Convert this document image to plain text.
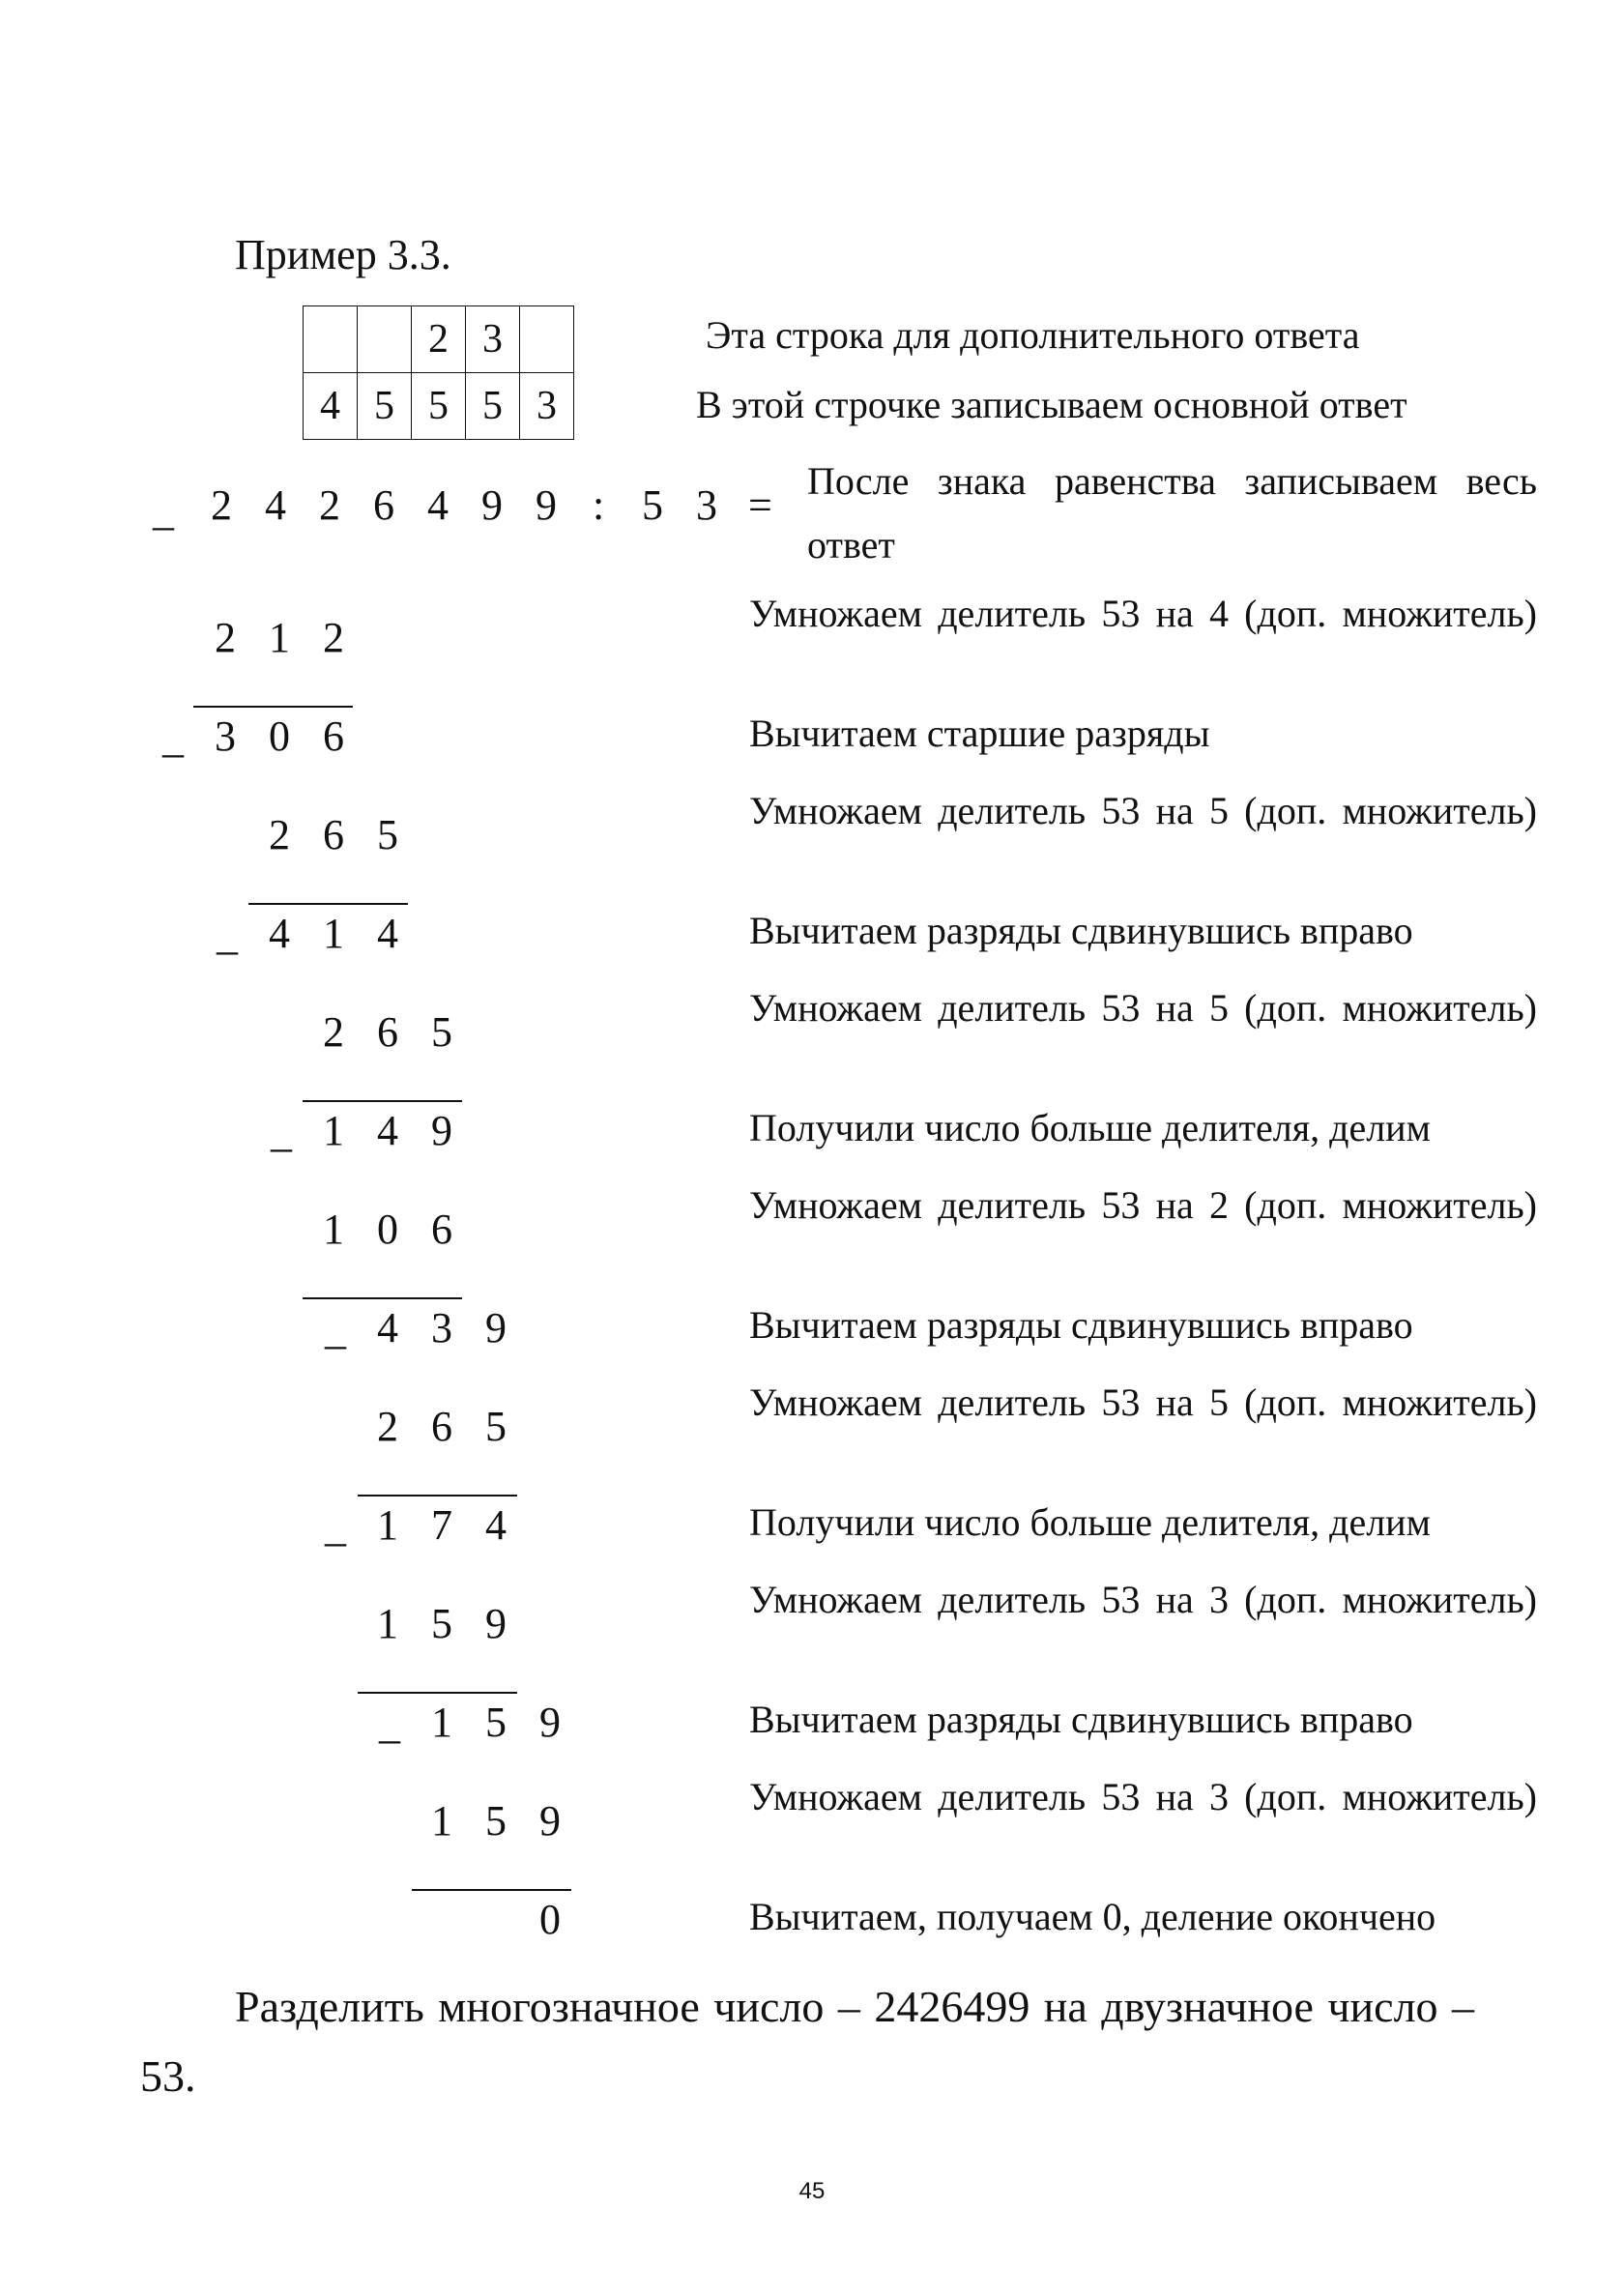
Пример 3.3.
		2	3	
4	5	5	5	3
Эта строка для дополнительного ответа
В этой строчке записываем основной ответ
_ 2 4 2 6 4 9 9 : 5 3 =
После знака равенства записываем весь ответ
2 1 2
Умножаем делитель 53 на 4 (доп. множитель)
_ 3 0 6	Вычитаем старшие разряды
2 6 5
Умножаем делитель 53 на 5 (доп. множитель)
_ 4 1 4	Вычитаем разряды сдвинувшись вправо
2 6 5
Умножаем делитель 53 на 5 (доп. множитель)
_ 1 4 9	Получили число больше делителя, делим
1 0 6
Умножаем делитель 53 на 2 (доп. множитель)
_ 4 3 9	Вычитаем разряды сдвинувшись вправо
2 6 5
Умножаем делитель 53 на 5 (доп. множитель)
_ 1 7 4	Получили число больше делителя, делим
1 5 9
Умножаем делитель 53 на 3 (доп. множитель)
_ 1 5 9	Вычитаем разряды сдвинувшись вправо
1 5 9
Умножаем делитель 53 на 3 (доп. множитель)
0	Вычитаем, получаем 0, деление окончено

Разделить многозначное число – 2426499 на двузначное число – 53.

45
